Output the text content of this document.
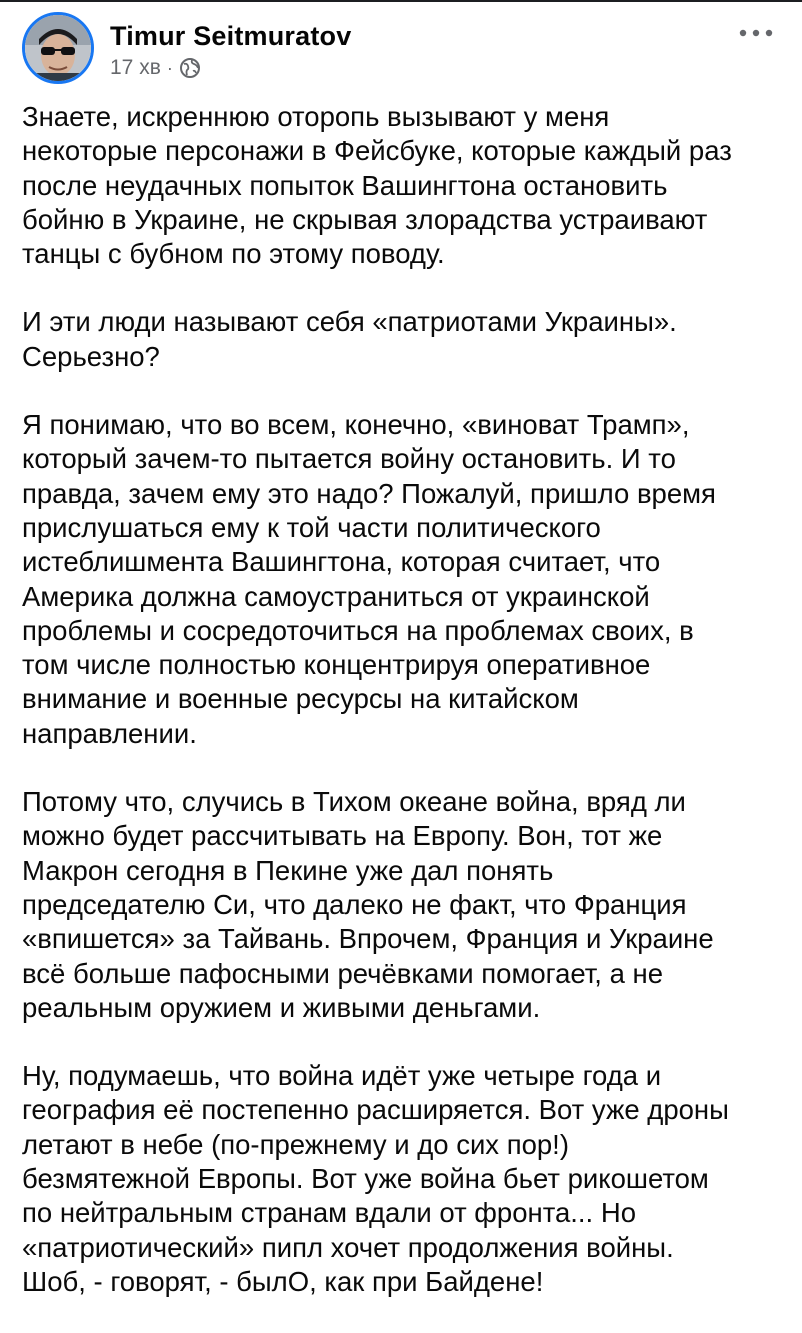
Timur Seitmuratov
17 хв ·

Знаете, искреннюю оторопь вызывают у меня
некоторые персонажи в Фейсбуке, которые каждый раз
после неудачных попыток Вашингтона остановить
бойню в Украине, не скрывая злорадства устраивают
танцы с бубном по этому поводу.

И эти люди называют себя «патриотами Украины».
Серьезно?

Я понимаю, что во всем, конечно, «виноват Трамп»,
который зачем-то пытается войну остановить. И то
правда, зачем ему это надо? Пожалуй, пришло время
прислушаться ему к той части политического
истеблишмента Вашингтона, которая считает, что
Америка должна самоустраниться от украинской
проблемы и сосредоточиться на проблемах своих, в
том числе полностью концентрируя оперативное
внимание и военные ресурсы на китайском
направлении.

Потому что, случись в Тихом океане война, вряд ли
можно будет рассчитывать на Европу. Вон, тот же
Макрон сегодня в Пекине уже дал понять
председателю Си, что далеко не факт, что Франция
«впишется» за Тайвань. Впрочем, Франция и Украине
всё больше пафосными речёвками помогает, а не
реальным оружием и живыми деньгами.

Ну, подумаешь, что война идёт уже четыре года и
география её постепенно расширяется. Вот уже дроны
летают в небе (по-прежнему и до сих пор!)
безмятежной Европы. Вот уже война бьет рикошетом
по нейтральным странам вдали от фронта... Но
«патриотический» пипл хочет продолжения войны.
Шоб, - говорят, - былО, как при Байдене!
